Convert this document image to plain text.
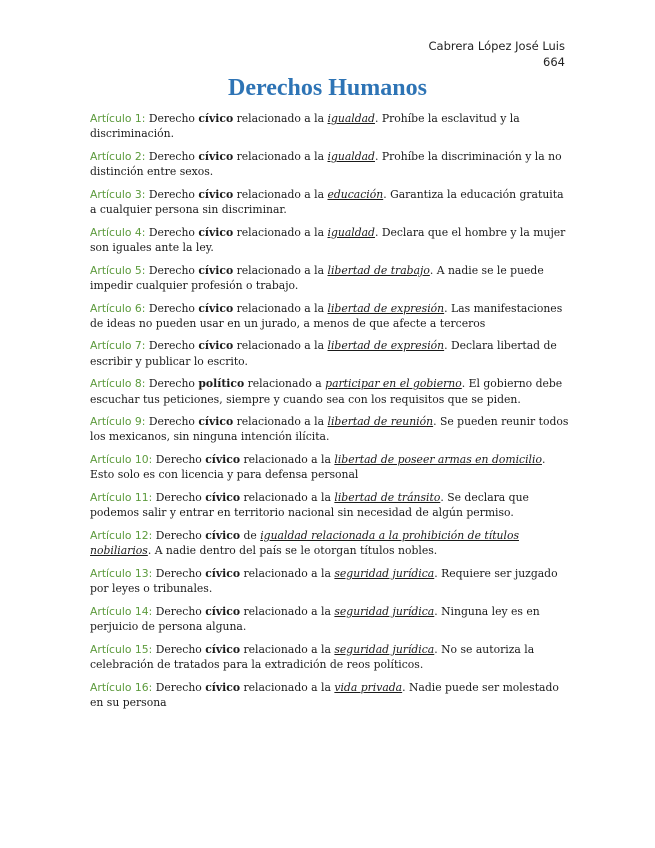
Cabrera López José Luis
664
Derechos Humanos

Artículo 1: Derecho cívico relacionado a la igualdad. Prohíbe la esclavitud y la discriminación.

Artículo 2: Derecho cívico relacionado a la igualdad. Prohíbe la discriminación y la no distinción entre sexos.

Artículo 3: Derecho cívico relacionado a la educación. Garantiza la educación gratuita a cualquier persona sin discriminar.

Artículo 4: Derecho cívico relacionado a la igualdad. Declara que el hombre y la mujer son iguales ante la ley.

Artículo 5: Derecho cívico relacionado a la libertad de trabajo. A nadie se le puede impedir cualquier profesión o trabajo.

Artículo 6: Derecho cívico relacionado a la libertad de expresión. Las manifestaciones de ideas no pueden usar en un jurado, a menos de que afecte a terceros

Artículo 7: Derecho cívico relacionado a la libertad de expresión. Declara libertad de escribir y publicar lo escrito.

Artículo 8: Derecho político relacionado a participar en el gobierno. El gobierno debe escuchar tus peticiones, siempre y cuando sea con los requisitos que se piden.

Artículo 9: Derecho cívico relacionado a la libertad de reunión. Se pueden reunir todos los mexicanos, sin ninguna intención ilícita.

Artículo 10: Derecho cívico relacionado a la libertad de poseer armas en domicilio. Esto solo es con licencia y para defensa personal

Artículo 11: Derecho cívico relacionado a la libertad de tránsito. Se declara que podemos salir y entrar en territorio nacional sin necesidad de algún permiso.

Artículo 12: Derecho cívico de igualdad relacionada a la prohibición de títulos nobiliarios. A nadie dentro del país se le otorgan títulos nobles.

Artículo 13: Derecho cívico relacionado a la seguridad jurídica. Requiere ser juzgado por leyes o tribunales.

Artículo 14: Derecho cívico relacionado a la seguridad jurídica. Ninguna ley es en perjuicio de persona alguna.

Artículo 15: Derecho cívico relacionado a la seguridad jurídica. No se autoriza la celebración de tratados para la extradición de reos políticos.

Artículo 16: Derecho cívico relacionado a la vida privada. Nadie puede ser molestado en su persona
